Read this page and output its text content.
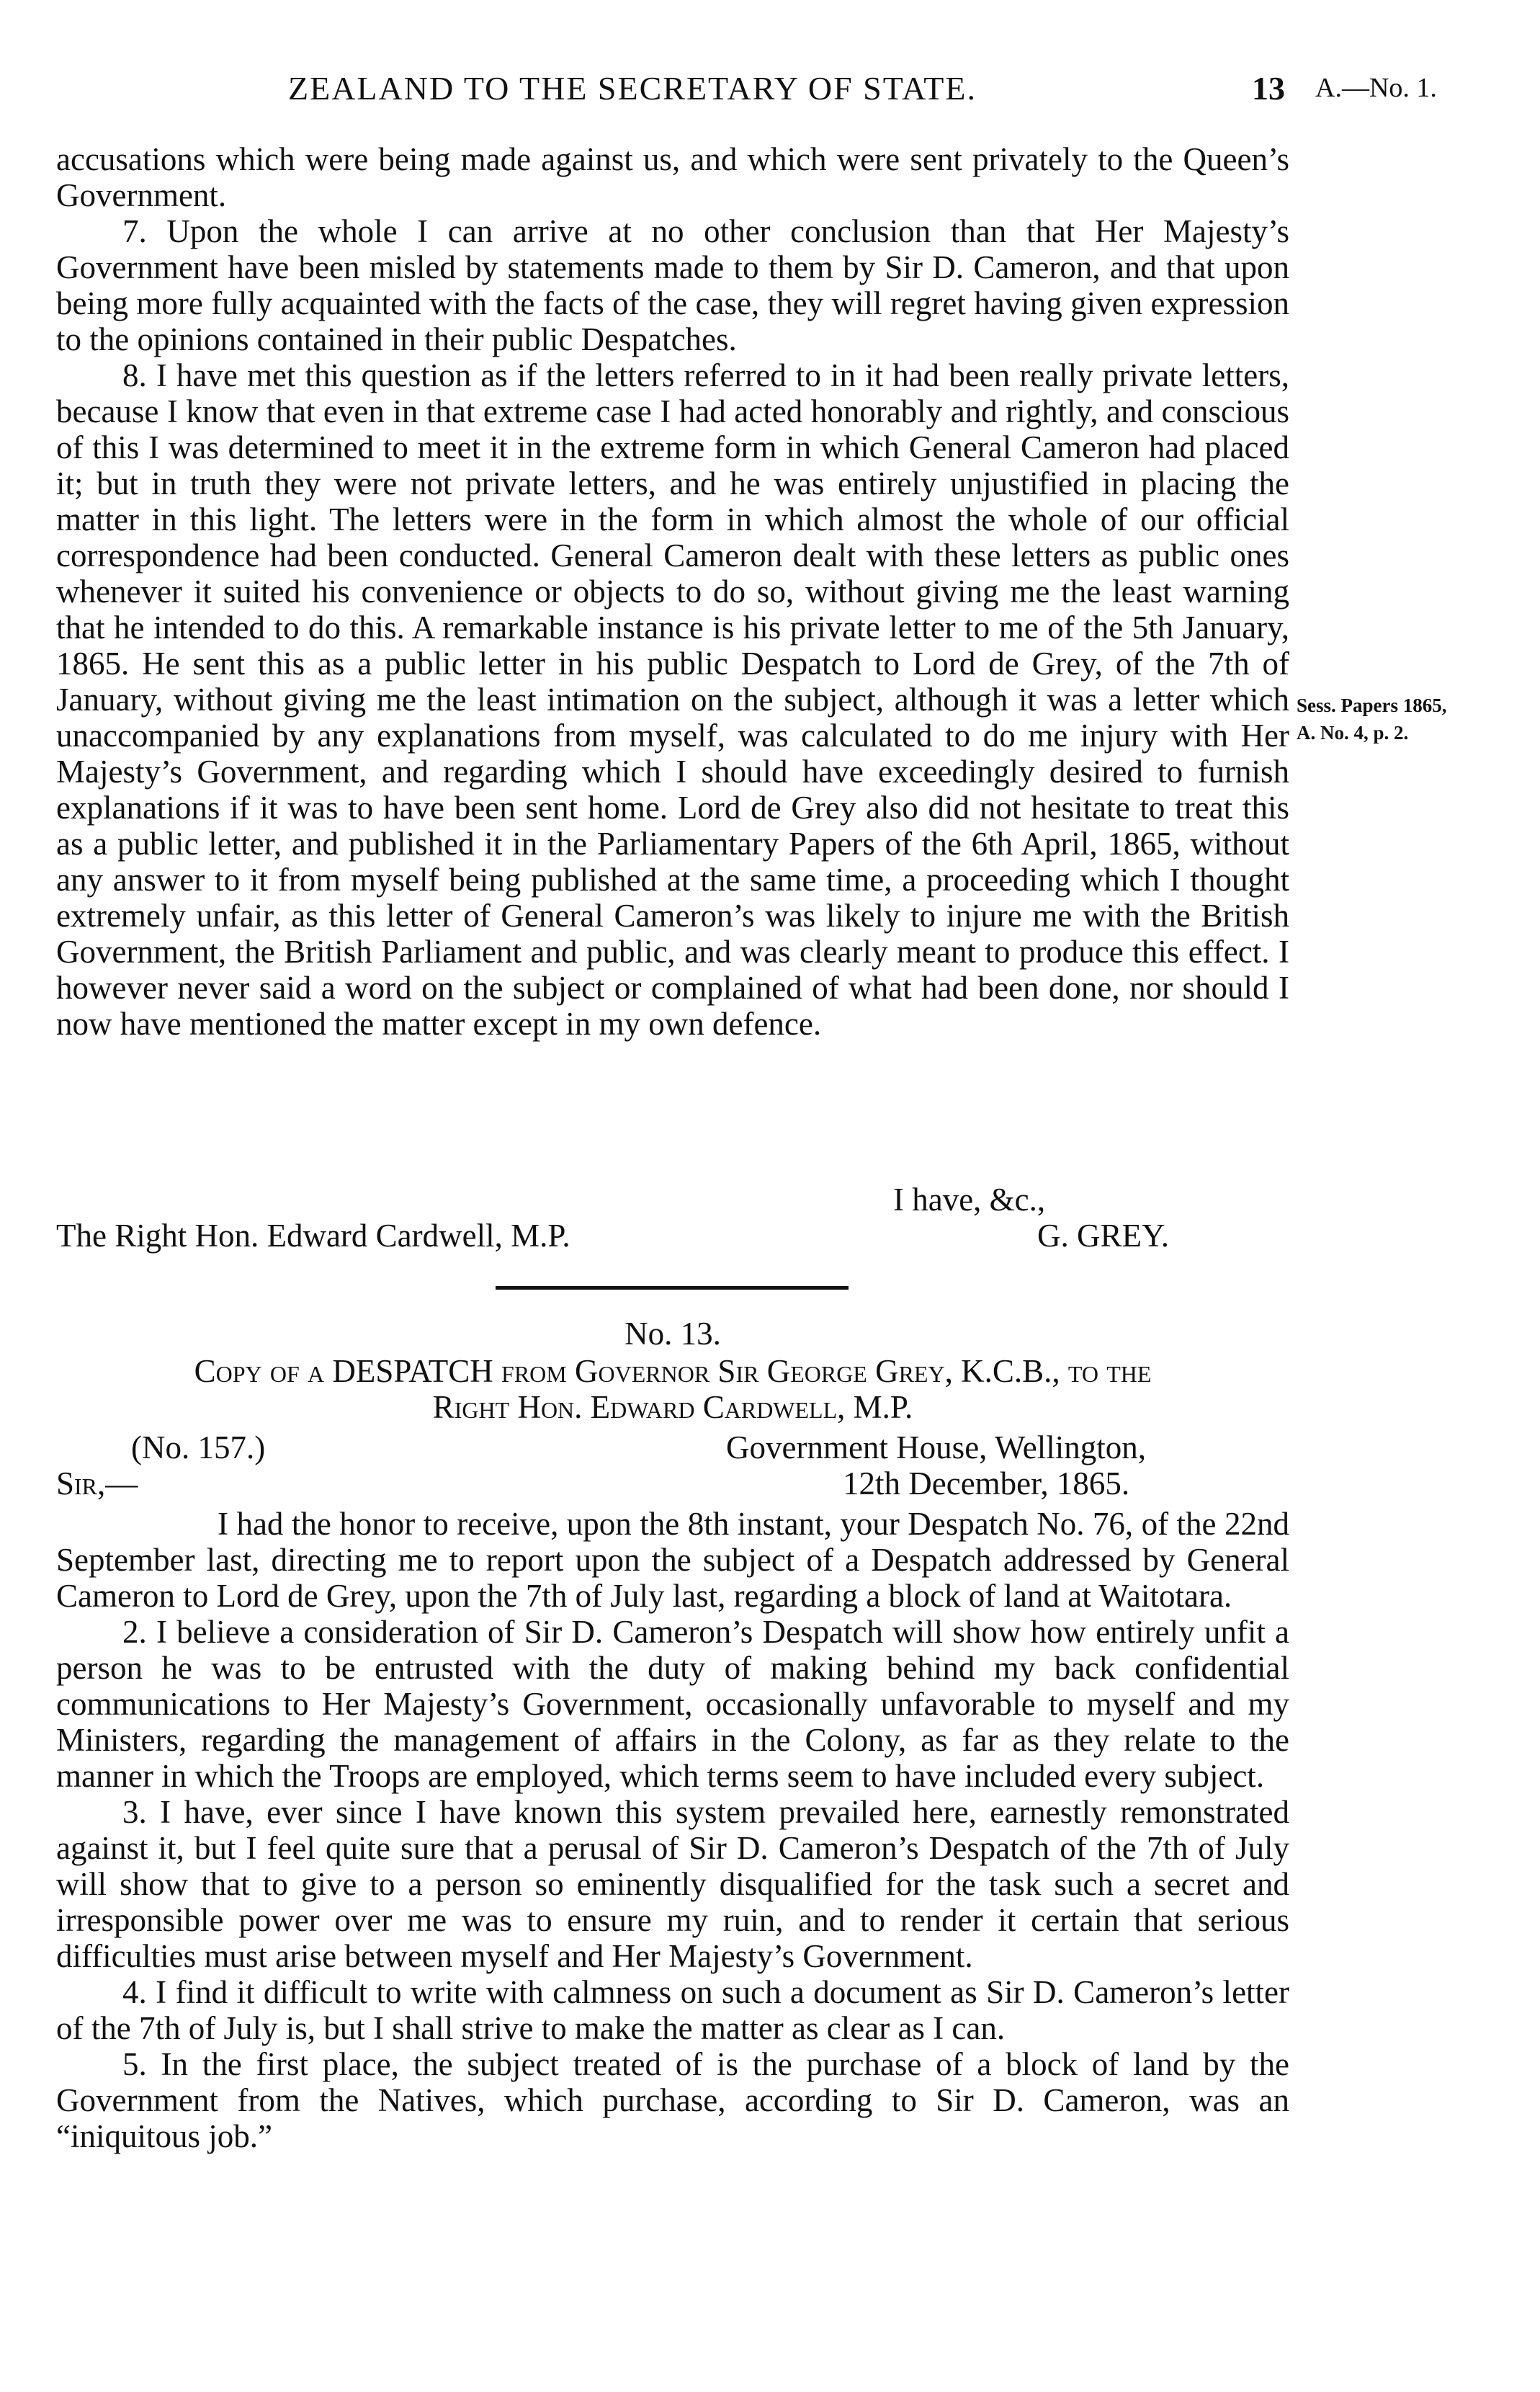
ZEALAND TO THE SECRETARY OF STATE.	13 A.—No. 1.

accusations which were being made against us, and which were sent privately to the Queen’s Government.

7. Upon the whole I can arrive at no other conclusion than that Her Majesty’s Government have been misled by statements made to them by Sir D. Cameron, and that upon being more fully acquainted with the facts of the case, they will regret having given expression to the opinions contained in their public Despatches.

8. I have met this question as if the letters referred to in it had been really private letters, because I know that even in that extreme case I had acted honorably and rightly, and conscious of this I was determined to meet it in the extreme form in which General Cameron had placed it; but in truth they were not private letters, and he was entirely unjustified in placing the matter in this light. The letters were in the form in which almost the whole of our official correspondence had been conducted. General Cameron dealt with these letters as public ones whenever it suited his convenience or objects to do so, without giving me the least warning that he intended to do this. A remarkable instance is his private letter to me of the 5th January, 1865. He sent this as a public letter in his public Despatch to Lord de Grey, of the 7th of January, without giving me the least intimation on the subject, although it was a letter which unaccompanied by any explanations from myself, was calculated to do me injury with Her Majesty’s Government, and regarding which I should have exceedingly desired to furnish explanations if it was to have been sent home. Lord de Grey also did not hesitate to treat this as a public letter, and published it in the Parliamentary Papers of the 6th April, 1865, without any answer to it from myself being published at the same time, a proceeding which I thought extremely unfair, as this letter of General Cameron’s was likely to injure me with the British Government, the British Parliament and public, and was clearly meant to produce this effect. I however never said a word on the subject or complained of what had been done, nor should I now have mentioned the matter except in my own defence.

Sess. Papers 1865,
A. No. 4, p. 2.
I have, &c.,
The Right Hon. Edward Cardwell, M.P.	G. GREY.
No. 13.
Copy of a DESPATCH from Governor Sir George Grey, K.C.B., to the
Right Hon. Edward Cardwell, M.P.
(No. 157.)	Government House, Wellington,
Sir,—	12th December, 1865.

I had the honor to receive, upon the 8th instant, your Despatch No. 76, of the 22nd September last, directing me to report upon the subject of a Despatch addressed by General Cameron to Lord de Grey, upon the 7th of July last, regarding a block of land at Waitotara.

2. I believe a consideration of Sir D. Cameron’s Despatch will show how entirely unfit a person he was to be entrusted with the duty of making behind my back confidential communications to Her Majesty’s Government, occasionally unfavorable to myself and my Ministers, regarding the management of affairs in the Colony, as far as they relate to the manner in which the Troops are employed, which terms seem to have included every subject.

3. I have, ever since I have known this system prevailed here, earnestly remonstrated against it, but I feel quite sure that a perusal of Sir D. Cameron’s Despatch of the 7th of July will show that to give to a person so eminently disqualified for the task such a secret and irresponsible power over me was to ensure my ruin, and to render it certain that serious difficulties must arise between myself and Her Majesty’s Government.

4. I find it difficult to write with calmness on such a document as Sir D. Cameron’s letter of the 7th of July is, but I shall strive to make the matter as clear as I can.

5. In the first place, the subject treated of is the purchase of a block of land by the Government from the Natives, which purchase, according to Sir D. Cameron, was an “iniquitous job.”
